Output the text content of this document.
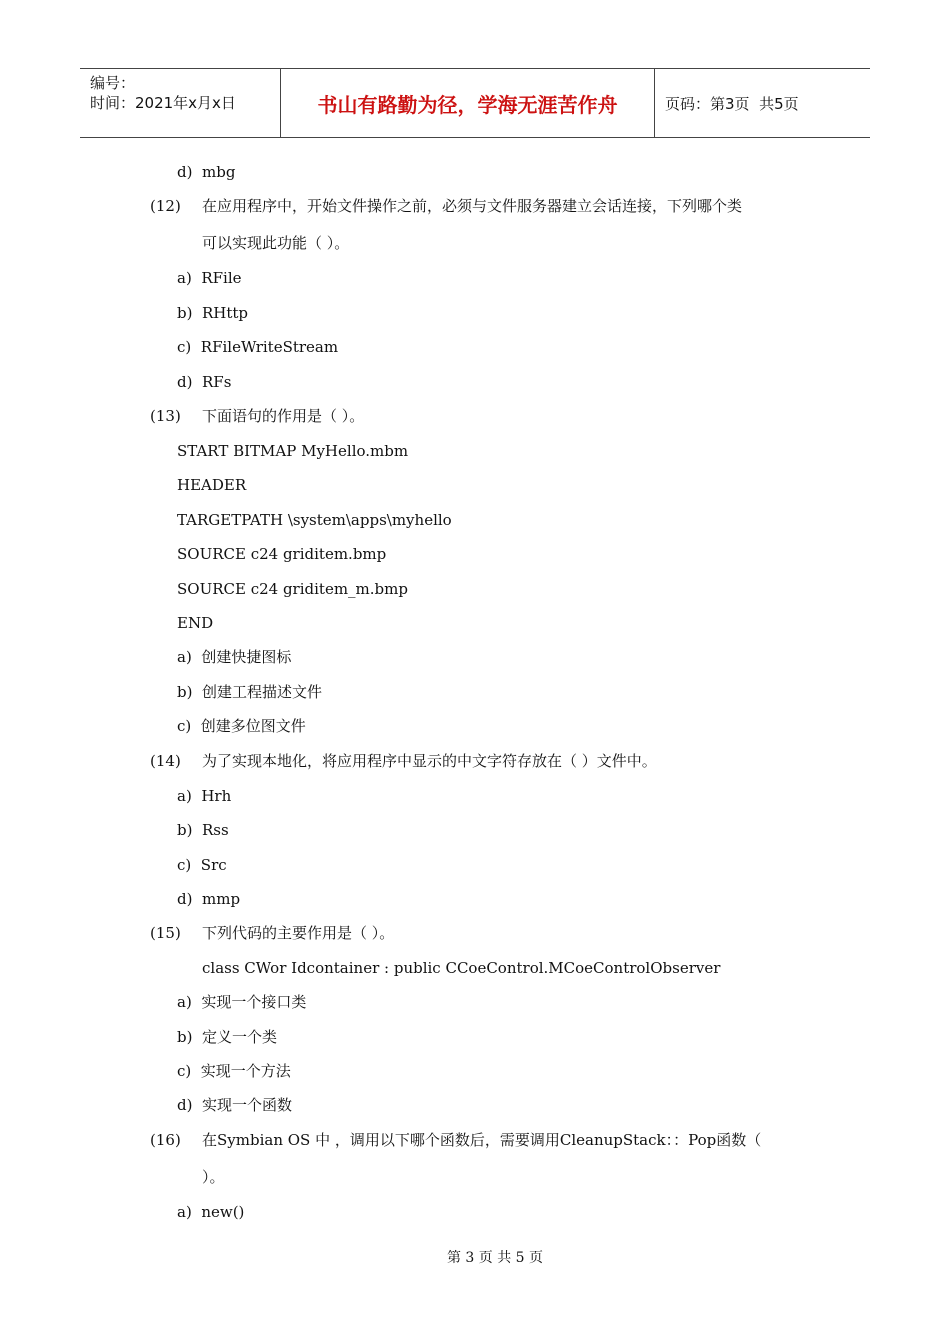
编号：
时间：2021年x月x日	书山有路勤为径，学海无涯苦作舟	页码：第3页  共5页
d)  mbg
(12) 在应用程序中，开始文件操作之前，必须与文件服务器建立会话连接，下列哪个类
可以实现此功能（ ）。
a)  RFile
b)  RHttp
c)  RFileWriteStream
d)  RFs
(13) 下面语句的作用是（ ）。
START BITMAP MyHello.mbm
HEADER
TARGETPATH \system\apps\myhello
SOURCE c24 griditem.bmp
SOURCE c24 griditem_m.bmp
END
a)  创建快捷图标
b)  创建工程描述文件
c)  创建多位图文件
(14) 为了实现本地化，将应用程序中显示的中文字符存放在（ ）文件中。
a)  Hrh
b)  Rss
c)  Src
d)  mmp
(15) 下列代码的主要作用是（ ）。
class CWor Idcontainer : public CCoeControl.MCoeControlObserver
a)  实现一个接口类
b)  定义一个类
c)  实现一个方法
d)  实现一个函数
(16) 在Symbian OS 中 ，调用以下哪个函数后，需要调用CleanupStack：：Pop函数（
）。
a)  new()
第 3 页 共 5 页
